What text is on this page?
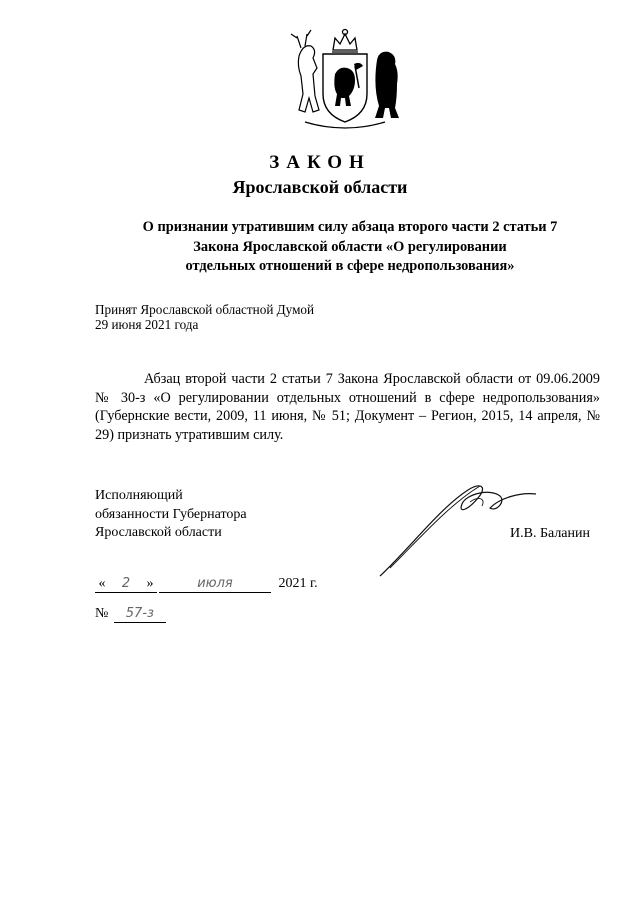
ЗАКОН
Ярославской области
О признании утратившим силу абзаца второго части 2 статьи 7
Закона Ярославской области «О регулировании
отдельных отношений в сфере недропользования»
Принят Ярославской областной Думой
29 июня 2021 года
Абзац второй части 2 статьи 7 Закона Ярославской области от 09.06.2009 № 30-з «О регулировании отдельных отношений в сфере недропользования» (Губернские вести, 2009, 11 июня, № 51; Документ – Регион, 2015, 14 апреля, № 29) признать утратившим силу.
Исполняющий
обязанности Губернатора
Ярославской области	И.В. Баланин
« 2 »	июля	2021 г.
№ 57-з
